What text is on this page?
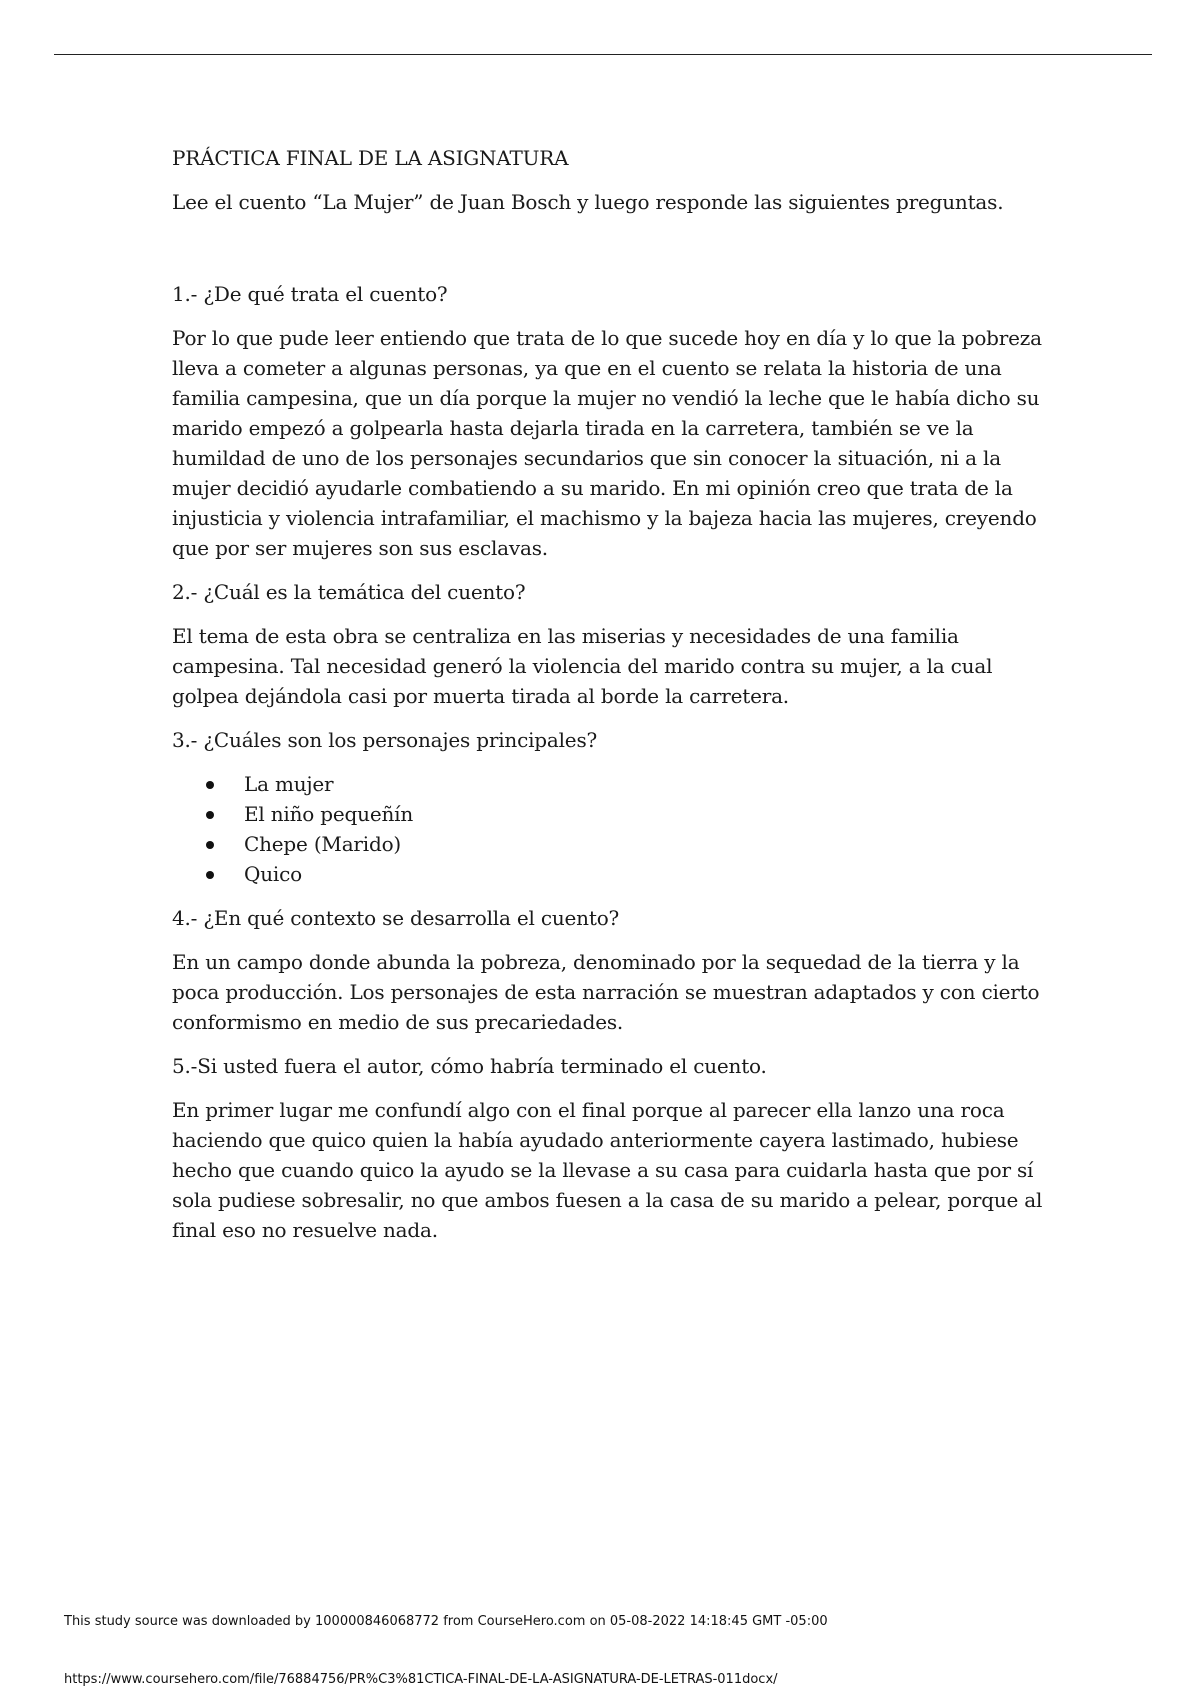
PRÁCTICA FINAL DE LA ASIGNATURA

Lee el cuento “La Mujer” de Juan Bosch y luego responde las siguientes preguntas.

1.- ¿De qué trata el cuento?

Por lo que pude leer entiendo que trata de lo que sucede hoy en día y lo que la pobreza lleva a cometer a algunas personas, ya que en el cuento se relata la historia de una familia campesina, que un día porque la mujer no vendió la leche que le había dicho su marido empezó a golpearla hasta dejarla tirada en la carretera, también se ve la humildad de uno de los personajes secundarios que sin conocer la situación, ni a la mujer decidió ayudarle combatiendo a su marido. En mi opinión creo que trata de la injusticia y violencia intrafamiliar, el machismo y la bajeza hacia las mujeres, creyendo que por ser mujeres son sus esclavas.

2.- ¿Cuál es la temática del cuento?

El tema de esta obra se centraliza en las miserias y necesidades de una familia campesina. Tal necesidad generó la violencia del marido contra su mujer, a la cual golpea dejándola casi por muerta tirada al borde la carretera.

3.- ¿Cuáles son los personajes principales?

La mujer
El niño pequeñín
Chepe (Marido)
Quico

4.- ¿En qué contexto se desarrolla el cuento?

En un campo donde abunda la pobreza, denominado por la sequedad de la tierra y la poca producción. Los personajes de esta narración se muestran adaptados y con cierto conformismo en medio de sus precariedades.

5.-Si usted fuera el autor, cómo habría terminado el cuento.

En primer lugar me confundí algo con el final porque al parecer ella lanzo una roca haciendo que quico quien la había ayudado anteriormente cayera lastimado, hubiese hecho que cuando quico la ayudo se la llevase a su casa para cuidarla hasta que por sí sola pudiese sobresalir, no que ambos fuesen a la casa de su marido a pelear, porque al final eso no resuelve nada.

This study source was downloaded by 100000846068772 from CourseHero.com on 05-08-2022 14:18:45 GMT -05:00
https://www.coursehero.com/file/76884756/PR%C3%81CTICA-FINAL-DE-LA-ASIGNATURA-DE-LETRAS-011docx/
